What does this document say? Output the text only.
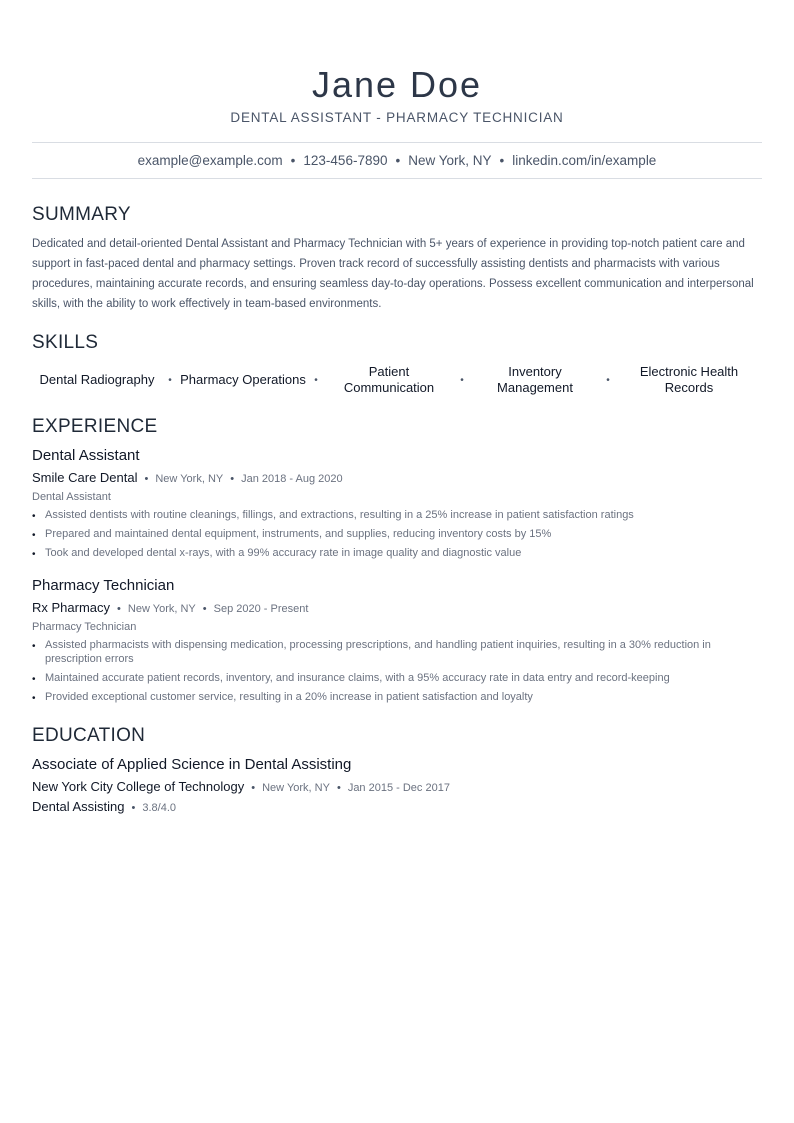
Jane Doe
DENTAL ASSISTANT - PHARMACY TECHNICIAN
example@example.com • 123-456-7890 • New York, NY • linkedin.com/in/example
SUMMARY
Dedicated and detail-oriented Dental Assistant and Pharmacy Technician with 5+ years of experience in providing top-notch patient care and support in fast-paced dental and pharmacy settings. Proven track record of successfully assisting dentists and pharmacists with various procedures, maintaining accurate records, and ensuring seamless day-to-day operations. Possess excellent communication and interpersonal skills, with the ability to work effectively in team-based environments.
SKILLS
Dental Radiography	• Pharmacy Operations •
Patient Communication	•
Inventory Management	•
Electronic Health Records
EXPERIENCE
Dental Assistant
Smile Care Dental • New York, NY • Jan 2018 - Aug 2020
Dental Assistant
• Assisted dentists with routine cleanings, fillings, and extractions, resulting in a 25% increase in patient satisfaction ratings
• Prepared and maintained dental equipment, instruments, and supplies, reducing inventory costs by 15%
• Took and developed dental x-rays, with a 99% accuracy rate in image quality and diagnostic value
Pharmacy Technician
Rx Pharmacy • New York, NY • Sep 2020 - Present
Pharmacy Technician
• Assisted pharmacists with dispensing medication, processing prescriptions, and handling patient inquiries, resulting in a 30% reduction in prescription errors
• Maintained accurate patient records, inventory, and insurance claims, with a 95% accuracy rate in data entry and record-keeping
• Provided exceptional customer service, resulting in a 20% increase in patient satisfaction and loyalty
EDUCATION
Associate of Applied Science in Dental Assisting
New York City College of Technology • New York, NY • Jan 2015 - Dec 2017
Dental Assisting • 3.8/4.0
